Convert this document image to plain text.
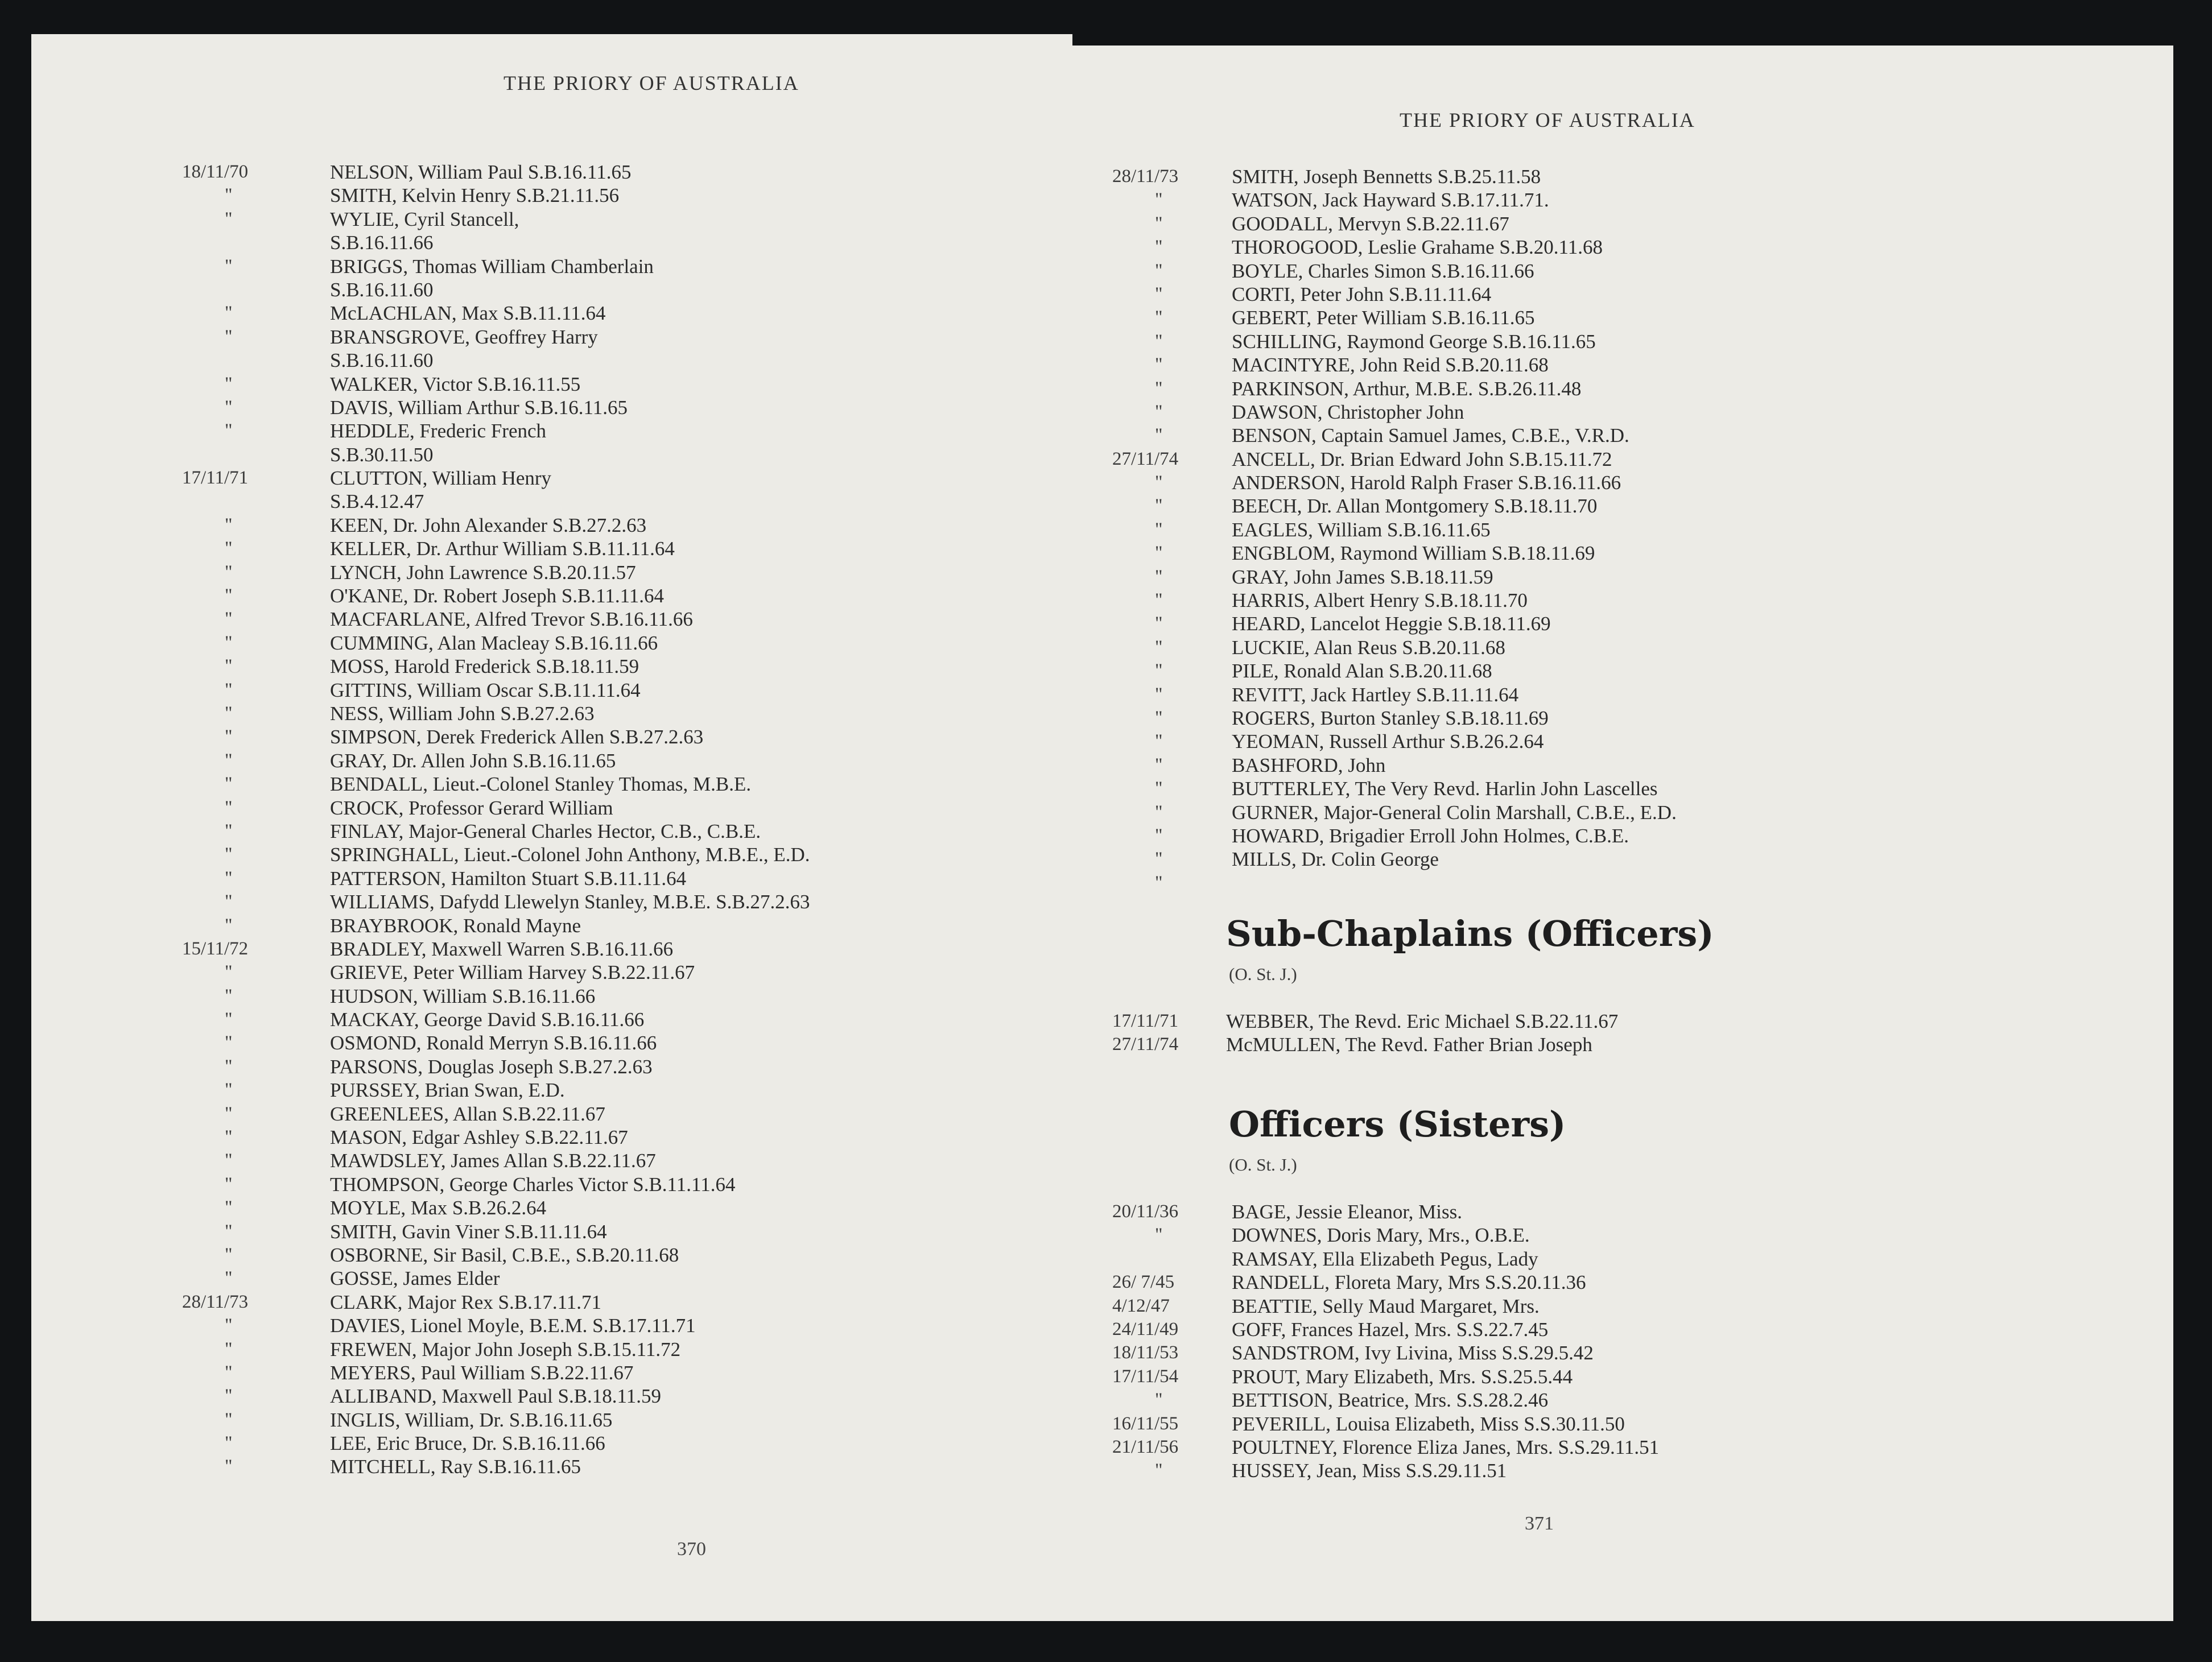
THE PRIORY OF AUSTRALIA
18/11/70
"
"
"
"
"
"
"
"
17/11/71
"
"
"
"
"
"
"
"
"
"
"
"
"
"
"
"
"
"
15/11/72
"
"
"
"
"
"
"
"
"
"
"
"
"
"
28/11/73
"
"
"
"
"
"
"
NELSON, William Paul S.B.16.11.65
SMITH, Kelvin Henry S.B.21.11.56
WYLIE, Cyril Stancell,
S.B.16.11.66
BRIGGS, Thomas William Chamberlain
S.B.16.11.60
McLACHLAN, Max S.B.11.11.64
BRANSGROVE, Geoffrey Harry
S.B.16.11.60
WALKER, Victor S.B.16.11.55
DAVIS, William Arthur S.B.16.11.65
HEDDLE, Frederic French
S.B.30.11.50
CLUTTON, William Henry
S.B.4.12.47
KEEN, Dr. John Alexander S.B.27.2.63
KELLER, Dr. Arthur William S.B.11.11.64
LYNCH, John Lawrence S.B.20.11.57
O'KANE, Dr. Robert Joseph S.B.11.11.64
MACFARLANE, Alfred Trevor S.B.16.11.66
CUMMING, Alan Macleay S.B.16.11.66
MOSS, Harold Frederick S.B.18.11.59
GITTINS, William Oscar S.B.11.11.64
NESS, William John S.B.27.2.63
SIMPSON, Derek Frederick Allen S.B.27.2.63
GRAY, Dr. Allen John S.B.16.11.65
BENDALL, Lieut.-Colonel Stanley Thomas, M.B.E.
CROCK, Professor Gerard William
FINLAY, Major-General Charles Hector, C.B., C.B.E.
SPRINGHALL, Lieut.-Colonel John Anthony, M.B.E., E.D.
PATTERSON, Hamilton Stuart S.B.11.11.64
WILLIAMS, Dafydd Llewelyn Stanley, M.B.E. S.B.27.2.63
BRAYBROOK, Ronald Mayne
BRADLEY, Maxwell Warren S.B.16.11.66
GRIEVE, Peter William Harvey S.B.22.11.67
HUDSON, William S.B.16.11.66
MACKAY, George David S.B.16.11.66
OSMOND, Ronald Merryn S.B.16.11.66
PARSONS, Douglas Joseph S.B.27.2.63
PURSSEY, Brian Swan, E.D.
GREENLEES, Allan S.B.22.11.67
MASON, Edgar Ashley S.B.22.11.67
MAWDSLEY, James Allan S.B.22.11.67
THOMPSON, George Charles Victor S.B.11.11.64
MOYLE, Max S.B.26.2.64
SMITH, Gavin Viner S.B.11.11.64
OSBORNE, Sir Basil, C.B.E., S.B.20.11.68
GOSSE, James Elder
CLARK, Major Rex S.B.17.11.71
DAVIES, Lionel Moyle, B.E.M. S.B.17.11.71
FREWEN, Major John Joseph S.B.15.11.72
MEYERS, Paul William S.B.22.11.67
ALLIBAND, Maxwell Paul S.B.18.11.59
INGLIS, William, Dr. S.B.16.11.65
LEE, Eric Bruce, Dr. S.B.16.11.66
MITCHELL, Ray S.B.16.11.65
370
THE PRIORY OF AUSTRALIA
28/11/73
"
"
"
"
"
"
"
"
"
"
"
27/11/74
"
"
"
"
"
"
"
"
"
"
"
"
"
"
"
"
"
"
SMITH, Joseph Bennetts S.B.25.11.58
WATSON, Jack Hayward S.B.17.11.71.
GOODALL, Mervyn S.B.22.11.67
THOROGOOD, Leslie Grahame S.B.20.11.68
BOYLE, Charles Simon S.B.16.11.66
CORTI, Peter John S.B.11.11.64
GEBERT, Peter William S.B.16.11.65
SCHILLING, Raymond George S.B.16.11.65
MACINTYRE, John Reid S.B.20.11.68
PARKINSON, Arthur, M.B.E. S.B.26.11.48
DAWSON, Christopher John
BENSON, Captain Samuel James, C.B.E., V.R.D.
ANCELL, Dr. Brian Edward John S.B.15.11.72
ANDERSON, Harold Ralph Fraser S.B.16.11.66
BEECH, Dr. Allan Montgomery S.B.18.11.70
EAGLES, William S.B.16.11.65
ENGBLOM, Raymond William S.B.18.11.69
GRAY, John James S.B.18.11.59
HARRIS, Albert Henry S.B.18.11.70
HEARD, Lancelot Heggie S.B.18.11.69
LUCKIE, Alan Reus S.B.20.11.68
PILE, Ronald Alan S.B.20.11.68
REVITT, Jack Hartley S.B.11.11.64
ROGERS, Burton Stanley S.B.18.11.69
YEOMAN, Russell Arthur S.B.26.2.64
BASHFORD, John
BUTTERLEY, The Very Revd. Harlin John Lascelles
GURNER, Major-General Colin Marshall, C.B.E., E.D.
HOWARD, Brigadier Erroll John Holmes, C.B.E.
MILLS, Dr. Colin George
Sub-Chaplains (Officers)
(O. St. J.)
17/11/71
27/11/74
WEBBER, The Revd. Eric Michael S.B.22.11.67
McMULLEN, The Revd. Father Brian Joseph
Officers (Sisters)
(O. St. J.)
20/11/36
"
26/ 7/45
4/12/47
24/11/49
18/11/53
17/11/54
"
16/11/55
21/11/56
"
BAGE, Jessie Eleanor, Miss.
DOWNES, Doris Mary, Mrs., O.B.E.
RAMSAY, Ella Elizabeth Pegus, Lady
RANDELL, Floreta Mary, Mrs S.S.20.11.36
BEATTIE, Selly Maud Margaret, Mrs.
GOFF, Frances Hazel, Mrs. S.S.22.7.45
SANDSTROM, Ivy Livina, Miss S.S.29.5.42
PROUT, Mary Elizabeth, Mrs. S.S.25.5.44
BETTISON, Beatrice, Mrs. S.S.28.2.46
PEVERILL, Louisa Elizabeth, Miss S.S.30.11.50
POULTNEY, Florence Eliza Janes, Mrs. S.S.29.11.51
HUSSEY, Jean, Miss S.S.29.11.51
371
